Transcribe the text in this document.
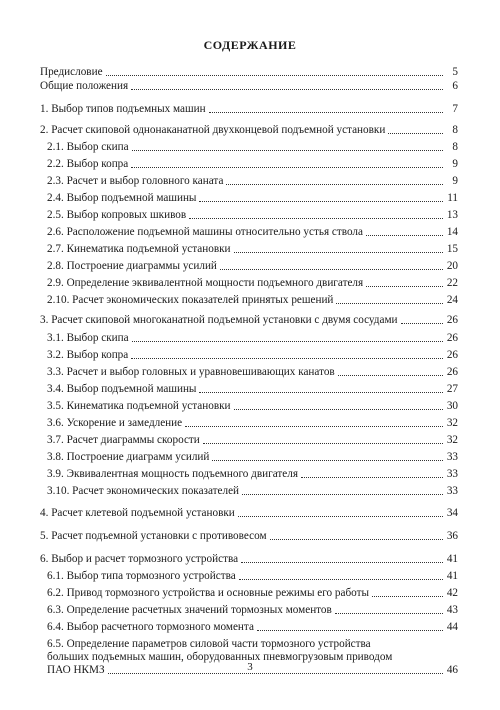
СОДЕРЖАНИЕ
Предисловие	5
Общие положения	6
1. Выбор типов подъемных машин	7
2. Расчет скиповой однонаканатной двухконцевой подъемной установки	8
2.1. Выбор скипа	8
2.2. Выбор копра	9
2.3. Расчет и выбор головного каната	9
2.4. Выбор подъемной машины	11
2.5. Выбор копровых шкивов	13
2.6. Расположение подъемной машины относительно устья ствола	14
2.7. Кинематика подъемной установки	15
2.8. Построение диаграммы усилий	20
2.9. Определение эквивалентной мощности подъемного двигателя	22
2.10. Расчет экономических показателей принятых решений	24
3. Расчет скиповой многоканатной подъемной установки с двумя сосудами	26
3.1. Выбор скипа	26
3.2. Выбор копра	26
3.3. Расчет и выбор головных и уравновешивающих канатов	26
3.4. Выбор подъемной машины	27
3.5. Кинематика подъемной установки	30
3.6. Ускорение и замедление	32
3.7. Расчет диаграммы скорости	32
3.8. Построение диаграмм усилий	33
3.9. Эквивалентная мощность подъемного двигателя	33
3.10. Расчет экономических показателей	33
4. Расчет клетевой подъемной установки	34
5. Расчет подъемной установки с противовесом	36
6. Выбор и расчет тормозного устройства	41
6.1. Выбор типа тормозного устройства	41
6.2. Привод тормозного устройства и основные режимы его работы	42
6.3. Определение расчетных значений тормозных моментов	43
6.4. Выбор расчетного тормозного момента	44
6.5. Определение параметров силовой части тормозного устройства
больших подъемных машин, оборудованных пневмогрузовым приводом
ПАО НКМЗ	46
3
